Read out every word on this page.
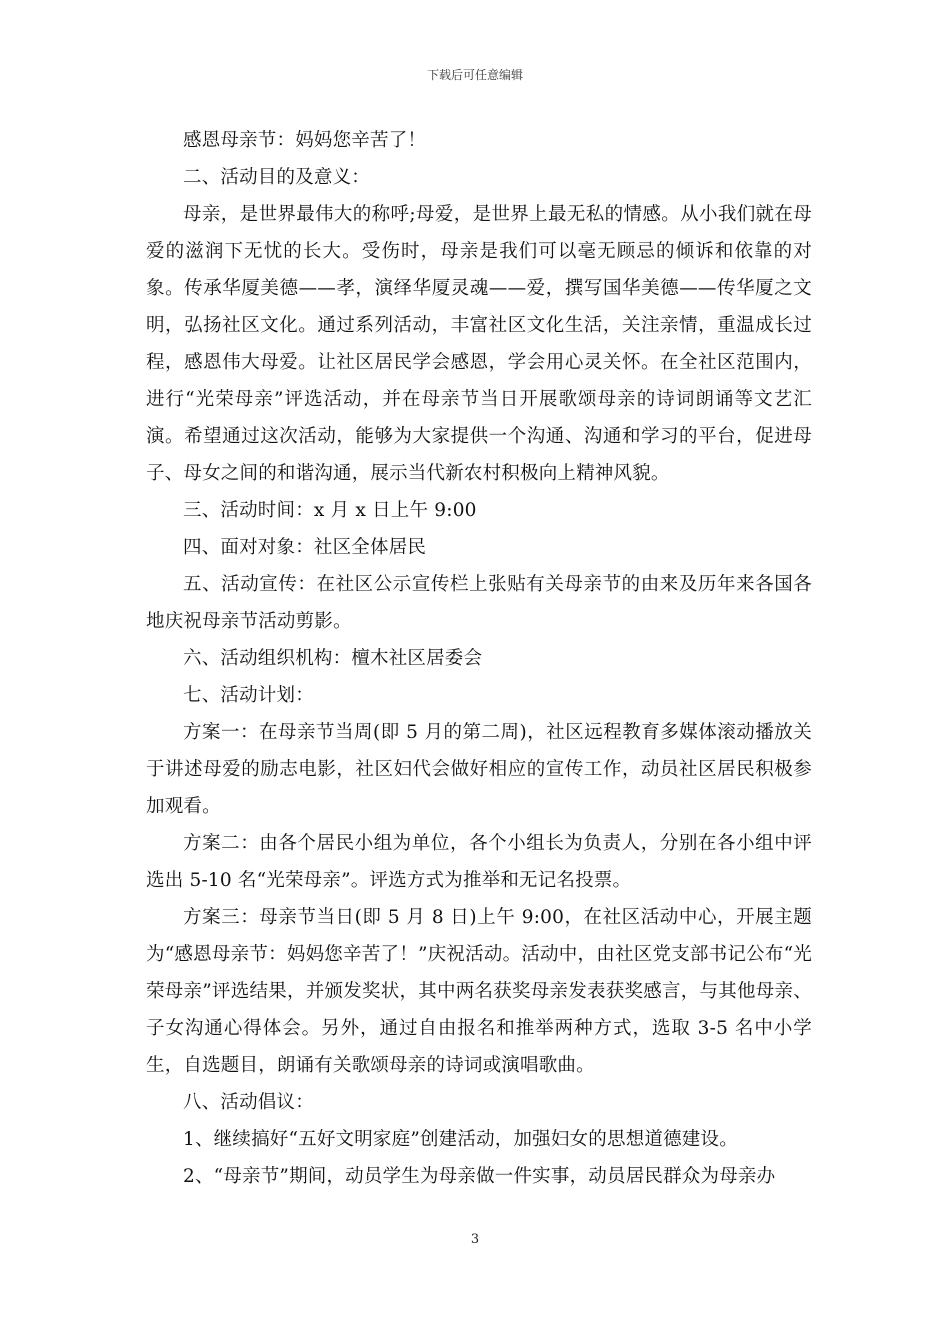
下载后可任意编辑

感恩母亲节：妈妈您辛苦了！

二、活动目的及意义：

母亲，是世界最伟大的称呼;母爱，是世界上最无私的情感。从小我们就在母爱的滋润下无忧的长大。受伤时，母亲是我们可以毫无顾忌的倾诉和依靠的对象。传承华厦美德——孝，演绎华厦灵魂——爱，撰写国华美德——传华厦之文明，弘扬社区文化。通过系列活动，丰富社区文化生活，关注亲情，重温成长过程，感恩伟大母爱。让社区居民学会感恩，学会用心灵关怀。在全社区范围内，进行“光荣母亲”评选活动，并在母亲节当日开展歌颂母亲的诗词朗诵等文艺汇演。希望通过这次活动，能够为大家提供一个沟通、沟通和学习的平台，促进母子、母女之间的和谐沟通，展示当代新农村积极向上精神风貌。

三、活动时间：x 月 x 日上午 9:00

四、面对对象：社区全体居民

五、活动宣传：在社区公示宣传栏上张贴有关母亲节的由来及历年来各国各地庆祝母亲节活动剪影。

六、活动组织机构：檀木社区居委会

七、活动计划：

方案一：在母亲节当周(即 5 月的第二周)，社区远程教育多媒体滚动播放关于讲述母爱的励志电影，社区妇代会做好相应的宣传工作，动员社区居民积极参加观看。

方案二：由各个居民小组为单位，各个小组长为负责人，分别在各小组中评选出 5-10 名“光荣母亲”。评选方式为推举和无记名投票。

方案三：母亲节当日(即 5 月 8 日)上午 9:00，在社区活动中心，开展主题为“感恩母亲节：妈妈您辛苦了！”庆祝活动。活动中，由社区党支部书记公布“光荣母亲”评选结果，并颁发奖状，其中两名获奖母亲发表获奖感言，与其他母亲、子女沟通心得体会。另外，通过自由报名和推举两种方式，选取 3-5 名中小学生，自选题目，朗诵有关歌颂母亲的诗词或演唱歌曲。

八、活动倡议：

1、继续搞好“五好文明家庭”创建活动，加强妇女的思想道德建设。

2、“母亲节”期间，动员学生为母亲做一件实事，动员居民群众为母亲办

3
